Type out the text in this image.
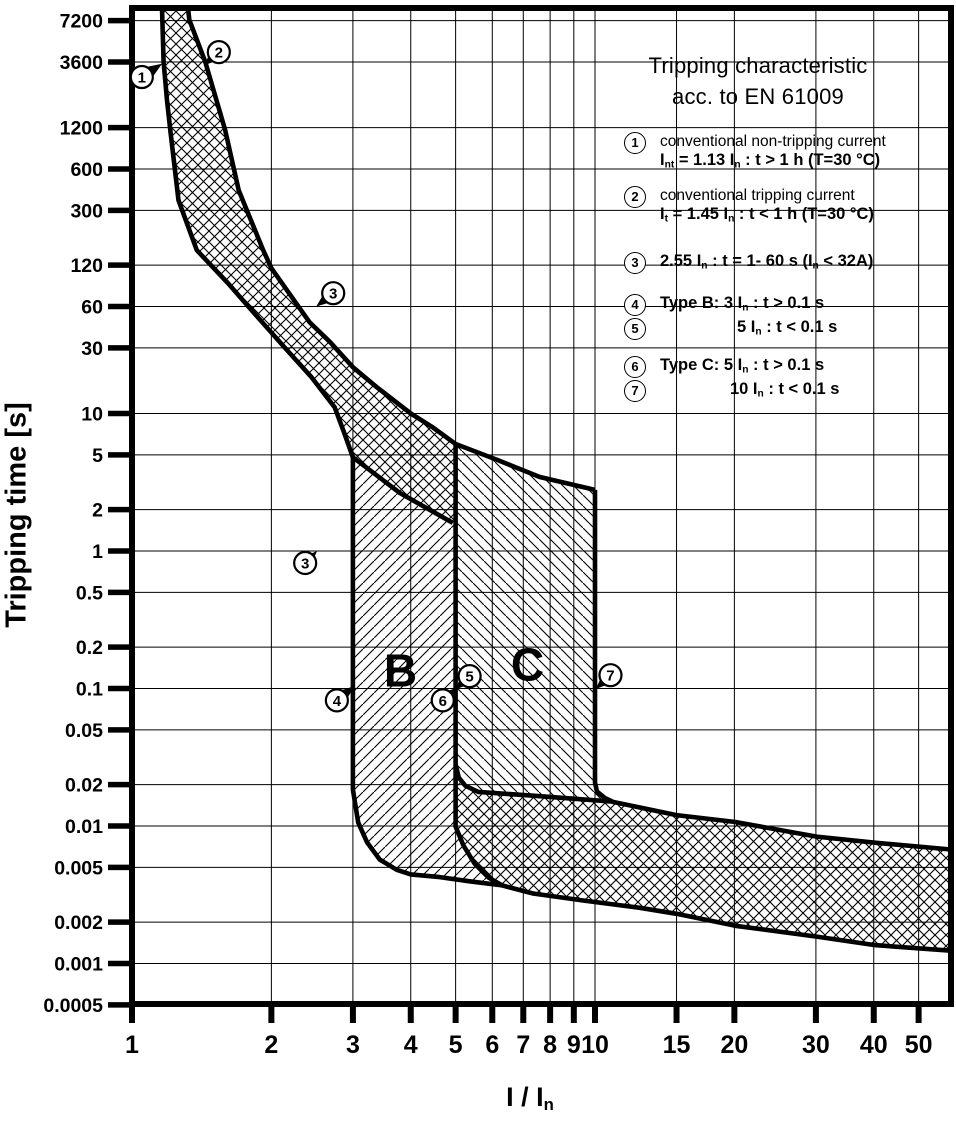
7200
3600
1200
600
300
120
60
30
10
5
2
1
0.5
0.2
0.1
0.05
0.02
0.01
0.005
0.002
0.001
0.0005
1	2	3 4 5 6 7 8 9 10 15 20 30 40 50
B C
1
2
3
3
4
5
6
7
Tripping characteristic
acc. to EN 61009
Tripping time [s]
I / $I_n$
1	conventional non-tripping current
$I_{nt} = 1.13$ $I_n$ : t > 1 h (T=30 °C)
2	conventional tripping current
$I_t = 1.45$ $I_n$ : t < 1 h (T=30 °C)
3	2.55 $I_n$ : t = 1- 60 s $(I_n < 32A)$
4	Type B: 3 $I_n$ : t > 0.1 s
5	5 $I_n$ : t < 0.1 s
6	Type C: 5 $I_n$ : t > 0.1 s
7	10 $I_n$ : t < 0.1 s
